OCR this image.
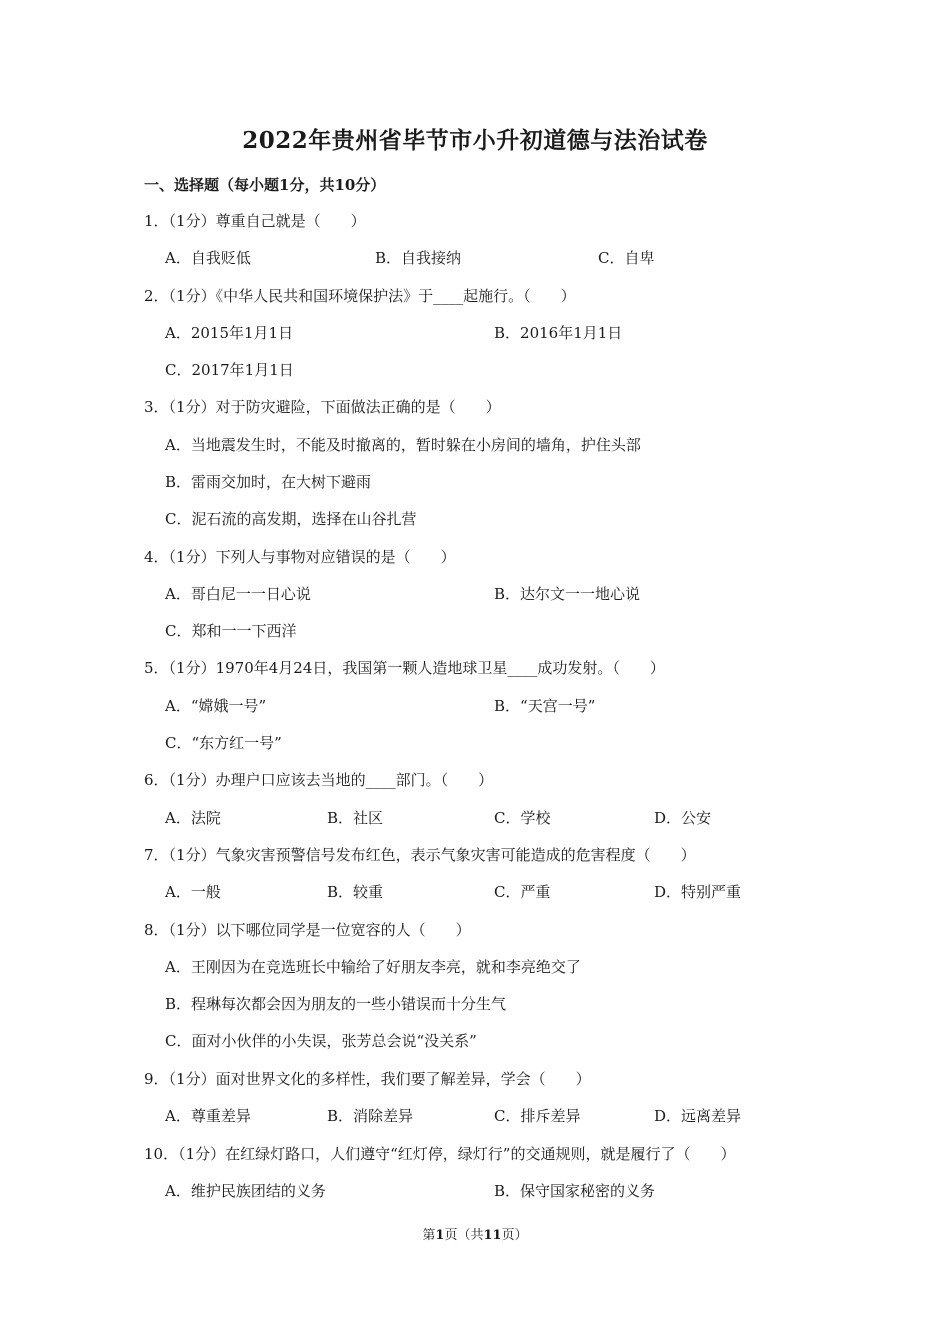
2022年贵州省毕节市小升初道德与法治试卷
一、选择题（每小题1分，共10分）
1．（1分）尊重自己就是（　　）
A．自我贬低	B．自我接纳	C．自卑
2．（1分）《中华人民共和国环境保护法》于____起施行。（　　）
A．2015年1月1日	B．2016年1月1日
C．2017年1月1日
3．（1分）对于防灾避险，下面做法正确的是（　　）
A．当地震发生时，不能及时撤离的，暂时躲在小房间的墙角，护住头部
B．雷雨交加时，在大树下避雨
C．泥石流的高发期，选择在山谷扎营
4．（1分）下列人与事物对应错误的是（　　）
A．哥白尼一一日心说	B．达尔文一一地心说
C．郑和一一下西洋
5．（1分）1970年4月24日，我国第一颗人造地球卫星____成功发射。（　　）
A．“嫦娥一号”	B．“天宫一号”
C．“东方红一号”
6．（1分）办理户口应该去当地的____部门。（　　）
A．法院	B．社区	C．学校	D．公安
7．（1分）气象灾害预警信号发布红色，表示气象灾害可能造成的危害程度（　　）
A．一般	B．较重	C．严重	D．特别严重
8．（1分）以下哪位同学是一位宽容的人（　　）
A．王刚因为在竞选班长中输给了好朋友李亮，就和李亮绝交了
B．程琳每次都会因为朋友的一些小错误而十分生气
C．面对小伙伴的小失误，张芳总会说“没关系”
9．（1分）面对世界文化的多样性，我们要了解差异，学会（　　）
A．尊重差异	B．消除差异	C．排斥差异	D．远离差异
10．（1分）在红绿灯路口，人们遵守“红灯停，绿灯行”的交通规则，就是履行了（　　）
A．维护民族团结的义务	B．保守国家秘密的义务
第1页（共11页）
